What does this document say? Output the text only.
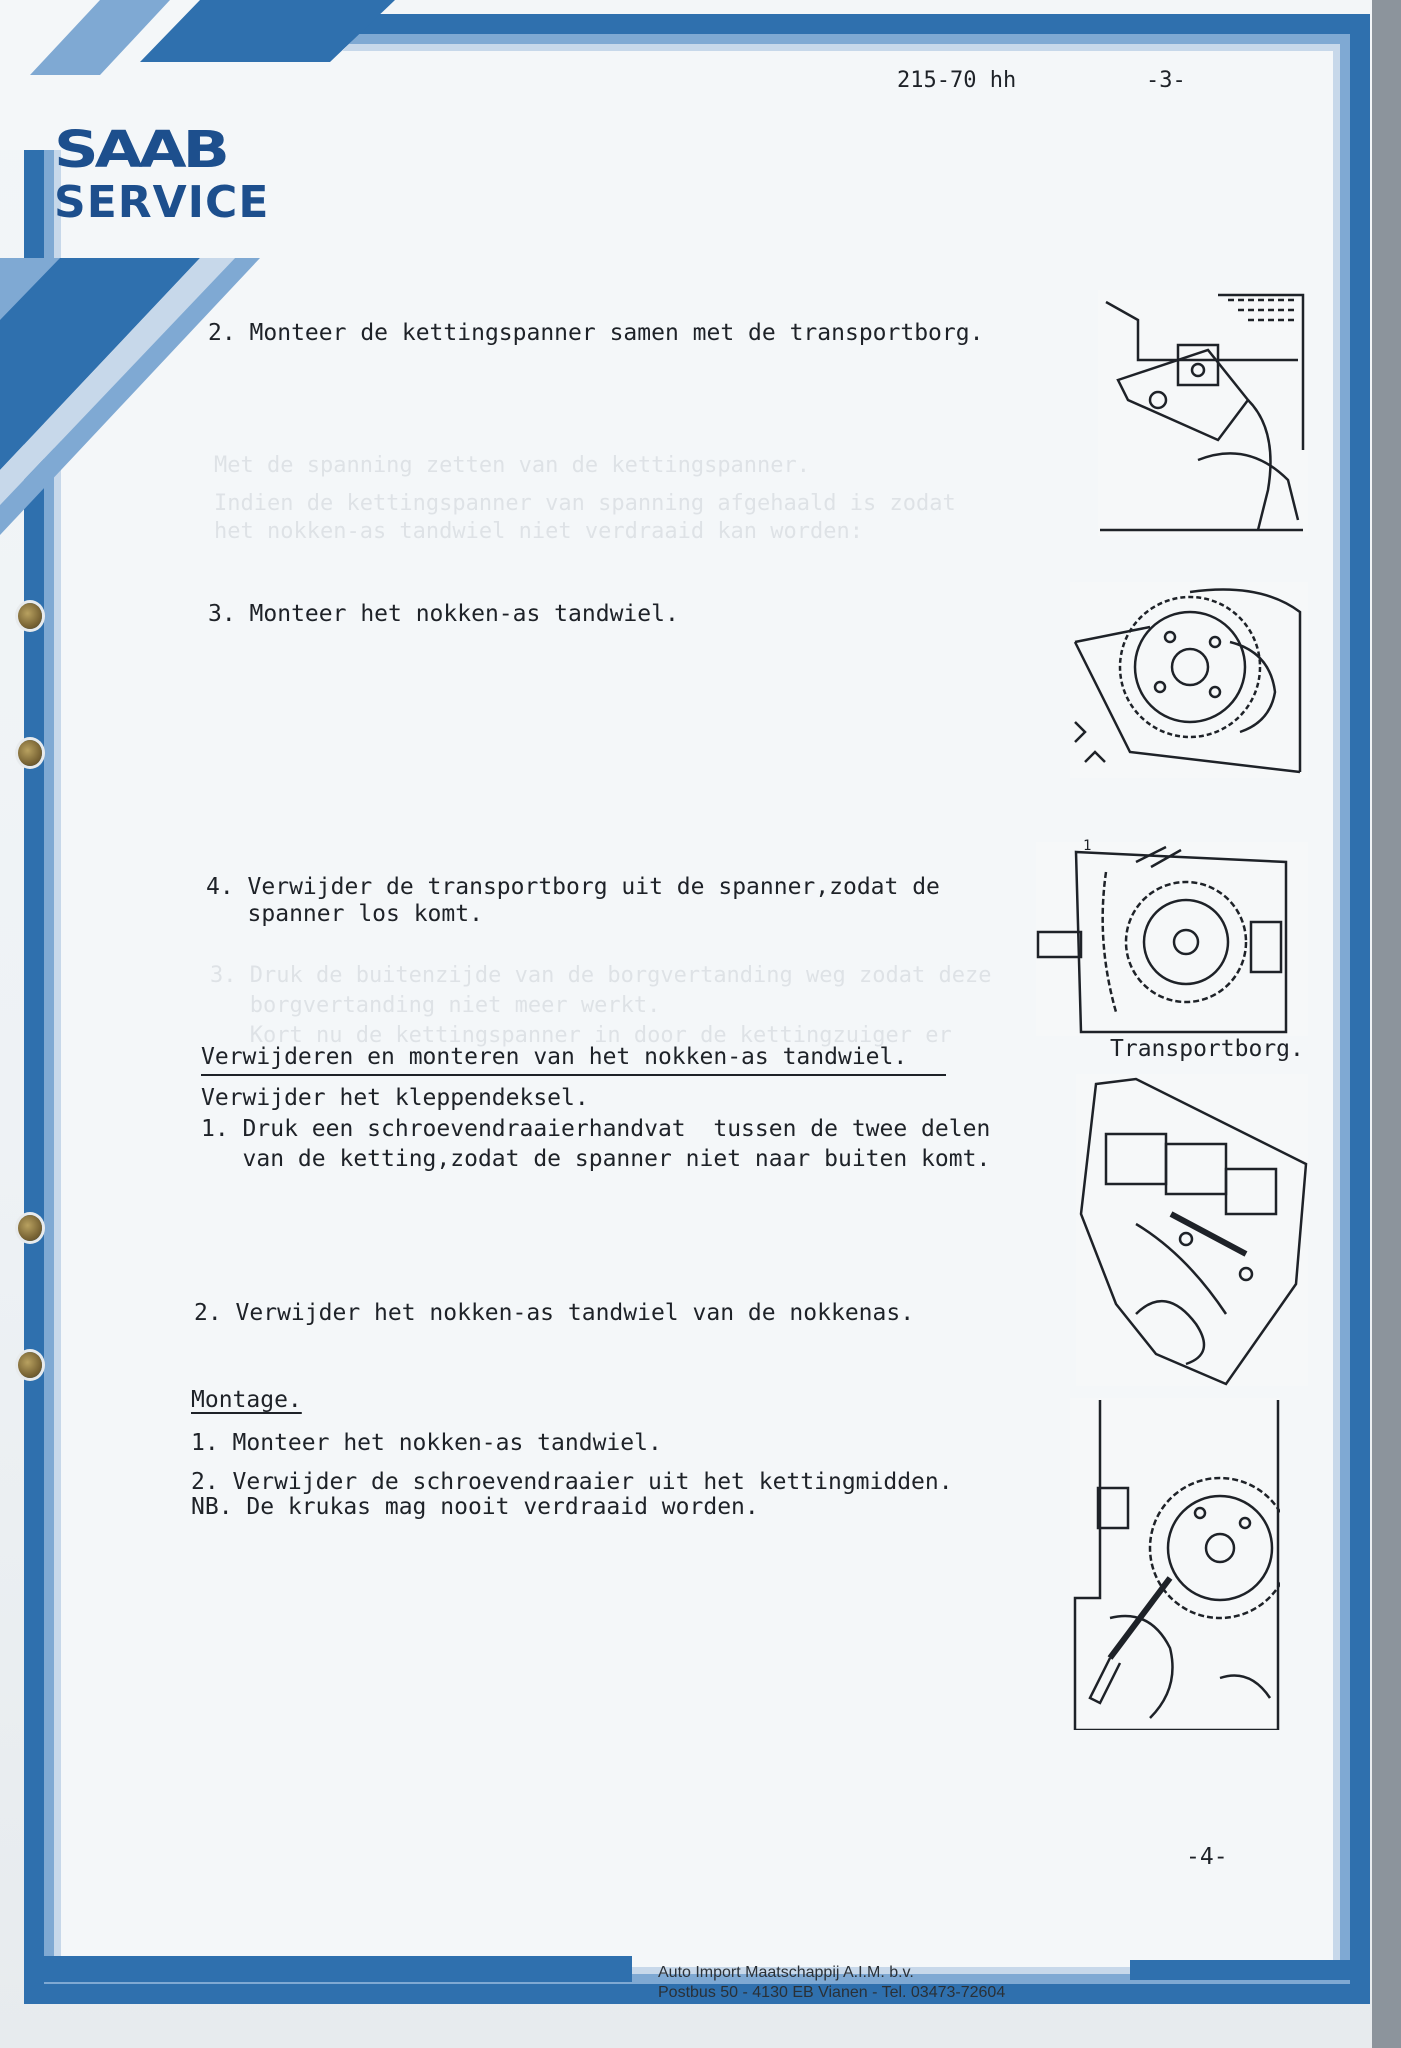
SAAB
SERVICE
215-70 hh	-3-
Met de spanning zetten van de kettingspanner.
Indien de kettingspanner van spanning afgehaald is zodat
het nokken-as tandwiel niet verdraaid kan worden:
3. Druk de buitenzijde van de borgvertanding weg zodat deze
borgvertanding niet meer werkt.
Kort nu de kettingspanner in door de kettingzuiger er
2. Monteer de kettingspanner samen met de transportborg.
3. Monteer het nokken-as tandwiel.
4. Verwijder de transportborg uit de spanner,zodat de
spanner los komt.
Verwijderen en monteren van het nokken-as tandwiel.
Verwijder het kleppendeksel.
1. Druk een schroevendraaierhandvat  tussen de twee delen
van de ketting,zodat de spanner niet naar buiten komt.
2. Verwijder het nokken-as tandwiel van de nokkenas.
Montage.
1. Monteer het nokken-as tandwiel.
2. Verwijder de schroevendraaier uit het kettingmidden.
NB. De krukas mag nooit verdraaid worden.
1
Transportborg.
-4-
Auto Import Maatschappij A.I.M. b.v.
Postbus 50 - 4130 EB Vianen - Tel. 03473-72604
